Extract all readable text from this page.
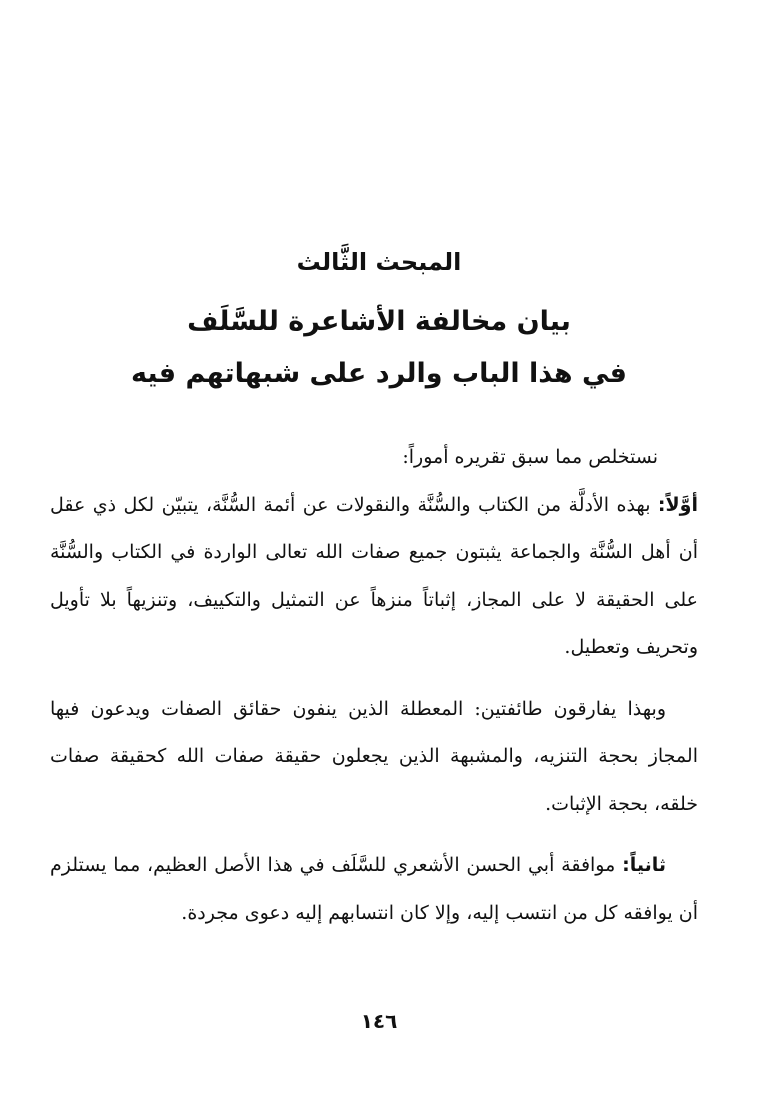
المبحث الثَّالث
بيان مخالفة الأشاعرة للسَّلَف
في هذا الباب والرد على شبهاتهم فيه

نستخلص مما سبق تقريره أموراً:

أوَّلاً: بهذه الأدلَّة من الكتاب والسُّنَّة والنقولات عن أئمة السُّنَّة، يتبيّن لكل ذي عقل أن أهل السُّنَّة والجماعة يثبتون جميع صفات الله تعالى الواردة في الكتاب والسُّنَّة على الحقيقة لا على المجاز، إثباتاً منزهاً عن التمثيل والتكييف، وتنزيهاً بلا تأويل وتحريف وتعطيل.

وبهذا يفارقون طائفتين: المعطلة الذين ينفون حقائق الصفات ويدعون فيها المجاز بحجة التنزيه، والمشبهة الذين يجعلون حقيقة صفات الله كحقيقة صفات خلقه، بحجة الإثبات.

ثانياً: موافقة أبي الحسن الأشعري للسَّلَف في هذا الأصل العظيم، مما يستلزم أن يوافقه كل من انتسب إليه، وإلا كان انتسابهم إليه دعوى مجردة.

١٤٦
